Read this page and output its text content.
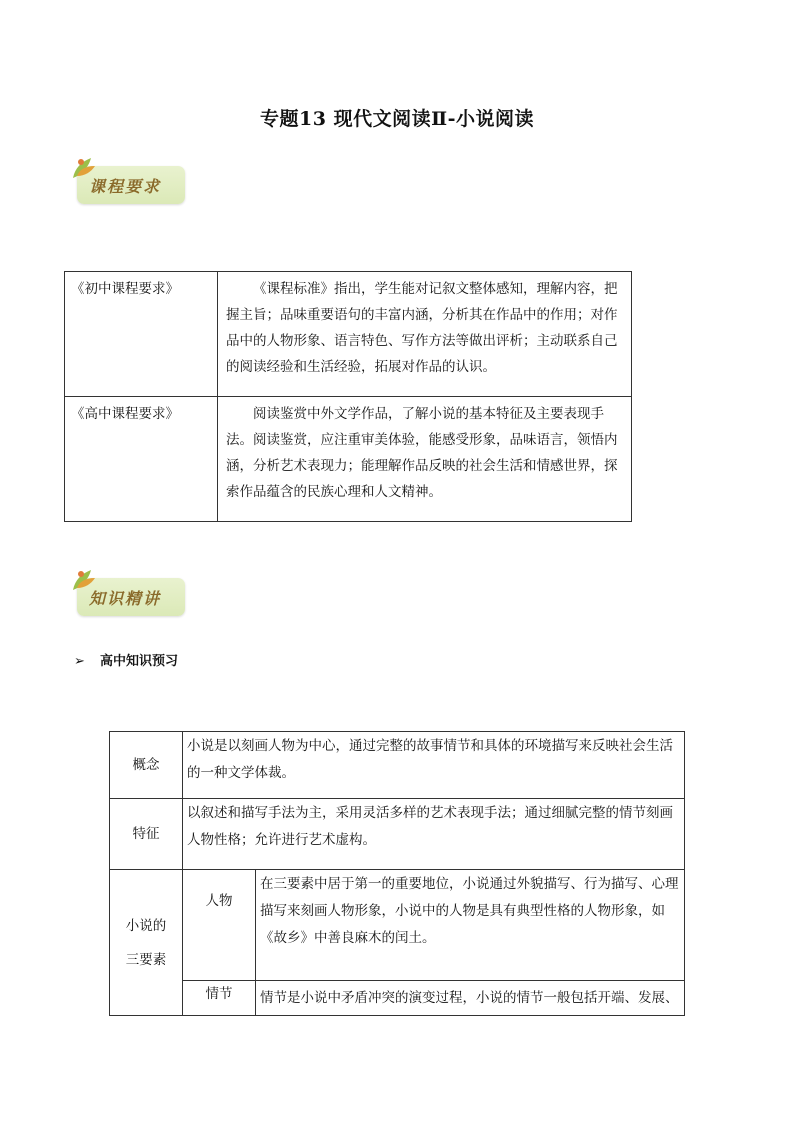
专题13 现代文阅读Ⅱ-小说阅读
课程要求
《初中课程要求》	《课程标准》指出，学生能对记叙文整体感知，理解内容，把握主旨；品味重要语句的丰富内涵，分析其在作品中的作用；对作品中的人物形象、语言特色、写作方法等做出评析；主动联系自己的阅读经验和生活经验，拓展对作品的认识。
《高中课程要求》	阅读鉴赏中外文学作品，了解小说的基本特征及主要表现手法。阅读鉴赏，应注重审美体验，能感受形象，品味语言，领悟内涵，分析艺术表现力；能理解作品反映的社会生活和情感世界，探索作品蕴含的民族心理和人文精神。
知识精讲
➢ 高中知识预习
概念	小说是以刻画人物为中心，通过完整的故事情节和具体的环境描写来反映社会生活的一种文学体裁。	
特征	以叙述和描写手法为主，采用灵活多样的艺术表现手法；通过细腻完整的情节刻画人物性格；允许进行艺术虚构。	

小说的
三要素	人物	在三要素中居于第一的重要地位，小说通过外貌描写、行为描写、心理描写来刻画人物形象，小说中的人物是具有典型性格的人物形象，如《故乡》中善良麻木的闰土。
	情节	情节是小说中矛盾冲突的演变过程，小说的情节一般包括开端、发展、
